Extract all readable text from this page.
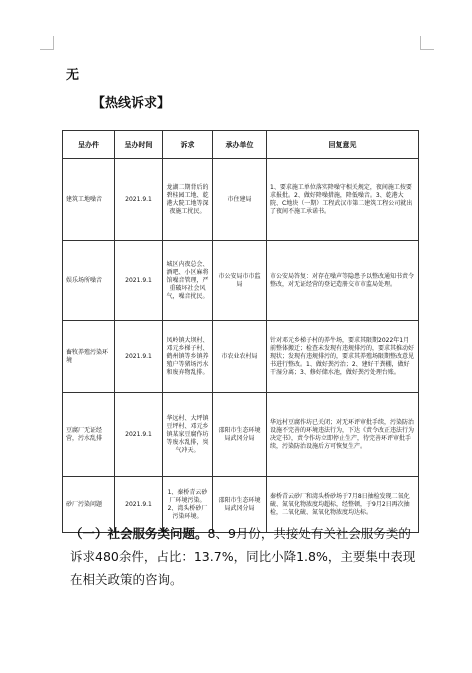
无
【热线诉求】
呈办件	呈办时间	诉求	承办单位	回复意见
建筑工地噪音	2021.9.1	龙湖二期背后的碧桂园工地、乾港大院工地等深夜施工扰民。	市住建局	1、要求施工单位落实降噪守相关规定，夜间施工按要求报批。2、做好降噪措施，降低噪音。3、乾港大院、C地块（一期）工程武汉市第二建筑工程公司就出了夜间不施工承诺书。
娱乐场所噪音	2021.9.1	城区内夜总会、酒吧、小区麻将馆噪音管理，严重破坏社会风气，噪音扰民。	市公安局市市监局	市公安局答复：对存在噪声等隐患予以整改通知书责令整改，对无证经营的登记造册交市市监局处理。
畜牧养殖污染环境	2021.9.1	凤岭镇大坝村、邓元乡梯子村、鹤州镇等乡镇养殖户等猪场污水和废弃物乱排。	市农业农村局	针对邓元乡梯子村的养牛场，要求其限期2022年1月前整体搬迁；检查未发现有违规排污的，要求其推动好现状；发现有违规排污的，要求其养殖场限期整改意见书进行整改。1、做好粪污治；2、建好干粪棚，做好干湿分离；3、修好储水池，做好粪污处理台账。
豆腐厂无证经营，污水乱排	2021.9.1	华远村、大坪镇豆坪村、邓元乡镇某家豆腐作坊等废水乱排，臭气冲天。	邵阳市生态环境局武冈分局	华远村豆腐作坊已关闭；对无环评审批手续，污染防治设施不完善的环境违法行为，下达《责令改正违法行为决定书》，责令作坊立即停止生产，待完善环评审批手续，污染防治设施后方可恢复生产。
砂厂污染问题	2021.9.1	1、秦桥青云砂厂环境污染。2、湾头桥砂厂污染环境。	邵阳市生态环境局武冈分局	秦桥青云砂厂和湾头桥砂场于7月8日抽检发现二氧化硫、氮氧化物浓度均超标，经整顿，于9月2日再次抽检，二氧化硫、氮氧化物浓度均达标。
（一）社会服务类问题。8、9月份，共接处有关社会服务类的诉求480余件，占比：13.7%，同比小降1.8%，主要集中表现在相关政策的咨询。
